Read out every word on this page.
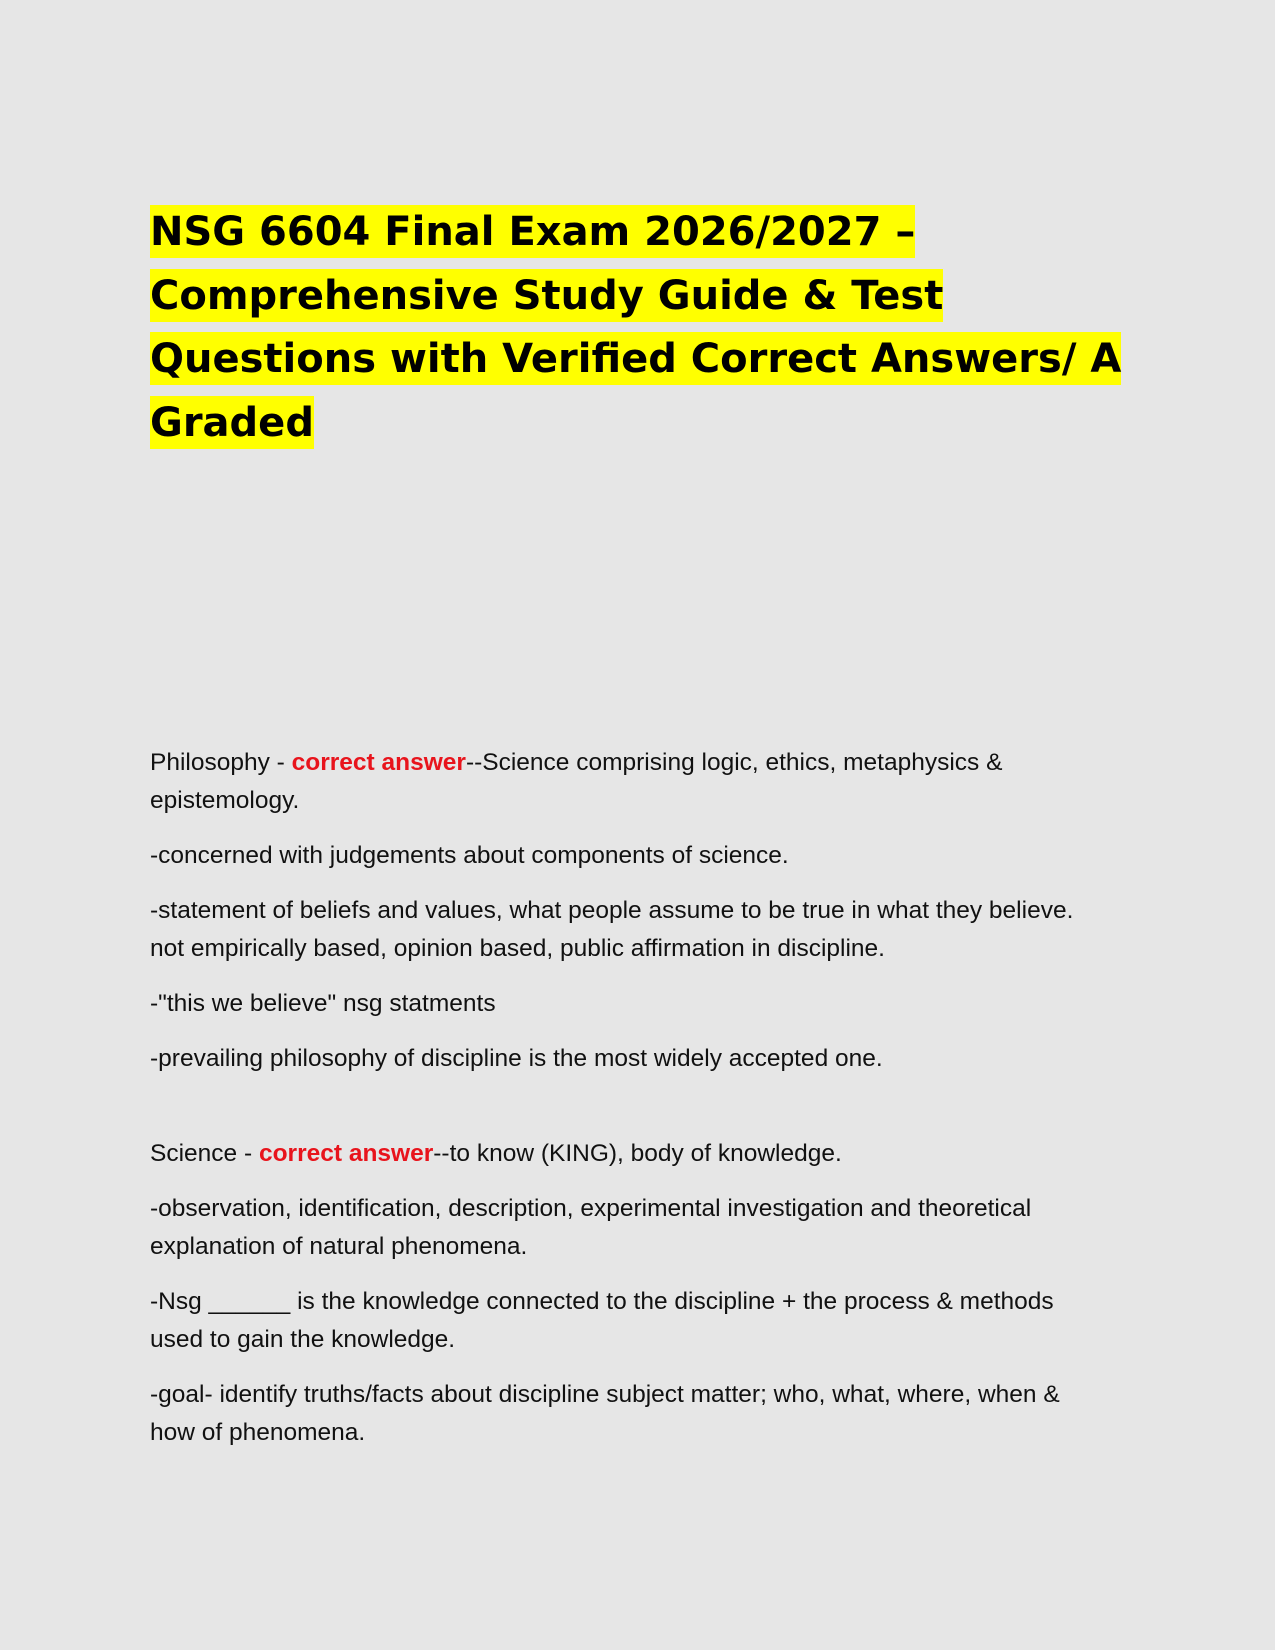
NSG 6604 Final Exam 2026/2027 – Comprehensive Study Guide & Test Questions with Verified Correct Answers/ A Graded

Philosophy - correct answer--Science comprising logic, ethics, metaphysics & epistemology.

-concerned with judgements about components of science.

-statement of beliefs and values, what people assume to be true in what they believe. not empirically based, opinion based, public affirmation in discipline.

-"this we believe" nsg statments

-prevailing philosophy of discipline is the most widely accepted one.

Science - correct answer--to know (KING), body of knowledge.

-observation, identification, description, experimental investigation and theoretical explanation of natural phenomena.

-Nsg ______ is the knowledge connected to the discipline + the process & methods used to gain the knowledge.

-goal- identify truths/facts about discipline subject matter; who, what, where, when & how of phenomena.
